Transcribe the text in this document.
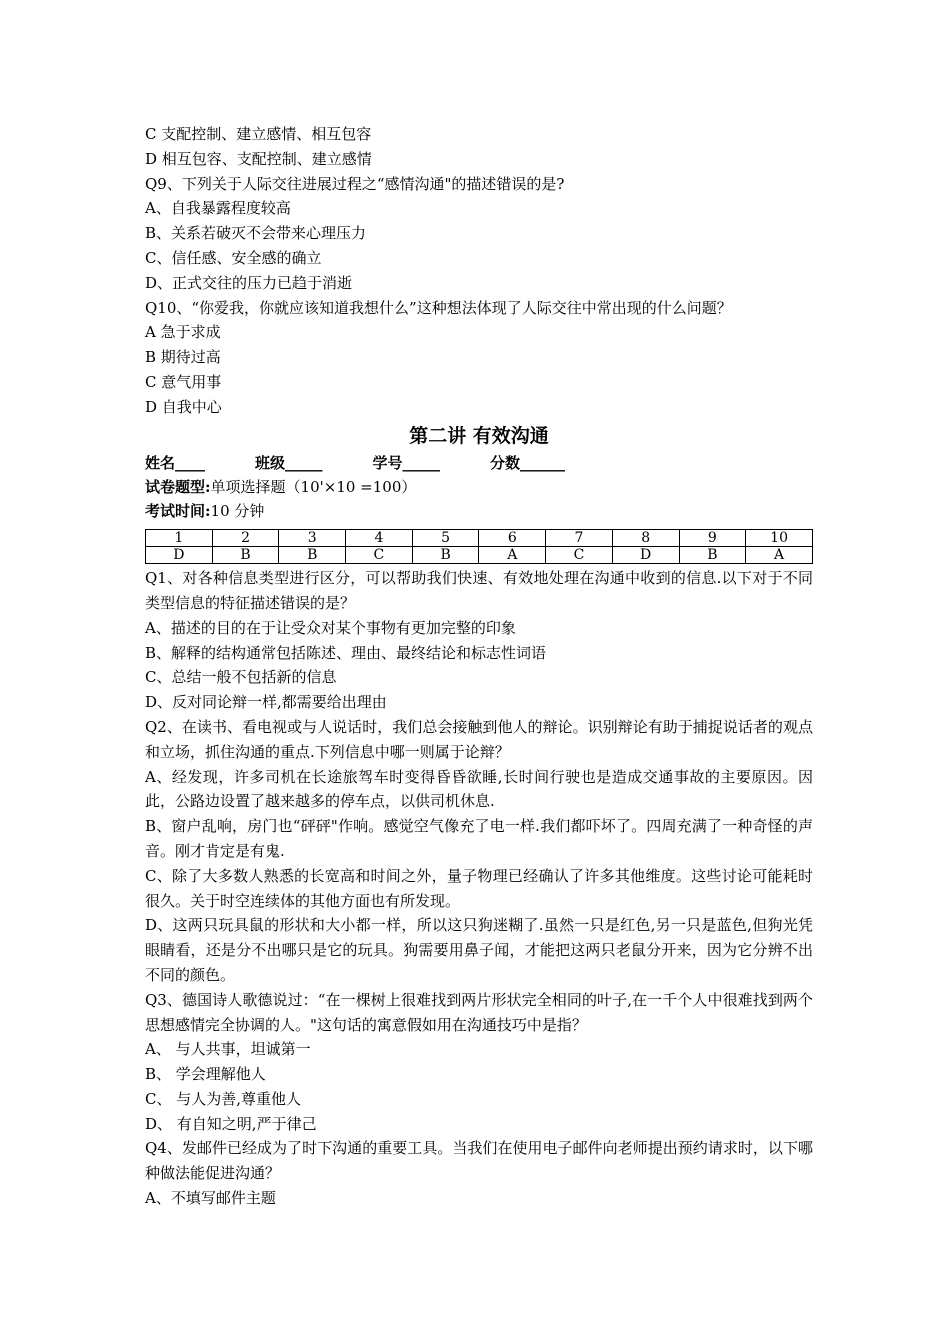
C 支配控制、建立感情、相互包容
D 相互包容、支配控制、建立感情
Q9、下列关于人际交往进展过程之“感情沟通"的描述错误的是?
A、自我暴露程度较高
B、关系若破灭不会带来心理压力
C、信任感、安全感的确立
D、正式交往的压力已趋于消逝
Q10、“你爱我，你就应该知道我想什么”这种想法体现了人际交往中常出现的什么问题？
A 急于求成
B 期待过高
C 意气用事
D 自我中心
第二讲 有效沟通
姓名____	班级_____	学号_____	分数______
试卷题型:单项选择题（10'×10 =100）
考试时间:10 分钟
1	2	3	4	5	6	7	8	9	10
D	B	B	C	B	A	C	D	B	A
Q1、对各种信息类型进行区分，可以帮助我们快速、有效地处理在沟通中收到的信息.以下对于不同类型信息的特征描述错误的是？
A、描述的目的在于让受众对某个事物有更加完整的印象
B、解释的结构通常包括陈述、理由、最终结论和标志性词语
C、总结一般不包括新的信息
D、反对同论辩一样,都需要给出理由
Q2、在读书、看电视或与人说话时，我们总会接触到他人的辩论。识别辩论有助于捕捉说话者的观点和立场，抓住沟通的重点.下列信息中哪一则属于论辩？
A、经发现，许多司机在长途旅驾车时变得昏昏欲睡,长时间行驶也是造成交通事故的主要原因。因此，公路边设置了越来越多的停车点，以供司机休息.
B、窗户乱响，房门也“砰砰"作响。感觉空气像充了电一样.我们都吓坏了。四周充满了一种奇怪的声音。刚才肯定是有鬼.
C、除了大多数人熟悉的长宽高和时间之外，量子物理已经确认了许多其他维度。这些讨论可能耗时很久。关于时空连续体的其他方面也有所发现。
D、这两只玩具鼠的形状和大小都一样，所以这只狗迷糊了.虽然一只是红色,另一只是蓝色,但狗光凭眼睛看，还是分不出哪只是它的玩具。狗需要用鼻子闻，才能把这两只老鼠分开来，因为它分辨不出不同的颜色。
Q3、德国诗人歌德说过：“在一棵树上很难找到两片形状完全相同的叶子,在一千个人中很难找到两个思想感情完全协调的人。"这句话的寓意假如用在沟通技巧中是指？
A、 与人共事，坦诚第一
B、 学会理解他人
C、 与人为善,尊重他人
D、 有自知之明,严于律己
Q4、发邮件已经成为了时下沟通的重要工具。当我们在使用电子邮件向老师提出预约请求时，以下哪种做法能促进沟通？
A、不填写邮件主题
